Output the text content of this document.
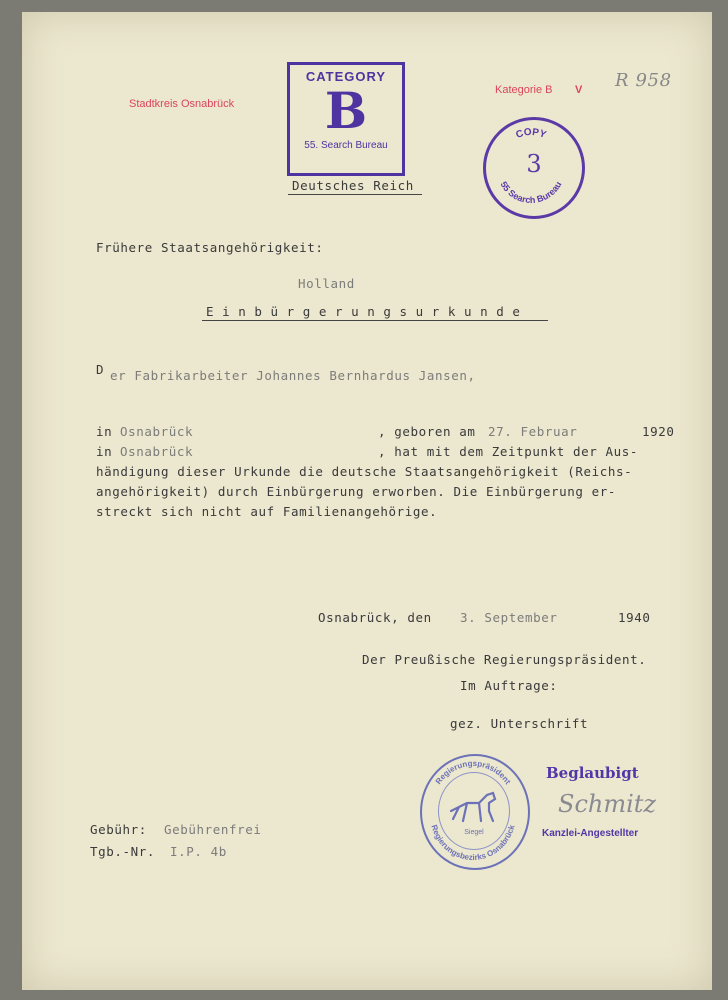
Stadtkreis Osnabrück
CATEGORY
B
55. Search Bureau
Kategorie B V R 958
COPY
55 Search Bureau
3
Deutsches Reich
Frühere Staatsangehörigkeit:
Holland
Einbürgerungsurkunde
D er Fabrikarbeiter Johannes Bernhardus Jansen,
in Osnabrück	, geboren am 27. Februar	1920
in Osnabrück	, hat mit dem Zeitpunkt der Aus-
händigung dieser Urkunde die deutsche Staatsangehörigkeit (Reichs-
angehörigkeit) durch Einbürgerung erworben. Die Einbürgerung er-
streckt sich nicht auf Familienangehörige.
Osnabrück, den 3. September	1940
Der Preußische Regierungspräsident.
Im Auftrage:
gez. Unterschrift
Regierungspräsident
Regierungsbezirks Osnabrück
Siegel
Beglaubigt
Schmitz
Kanzlei-Angestellter
Gebühr: Gebührenfrei
Tgb.-Nr. I.P. 4b
